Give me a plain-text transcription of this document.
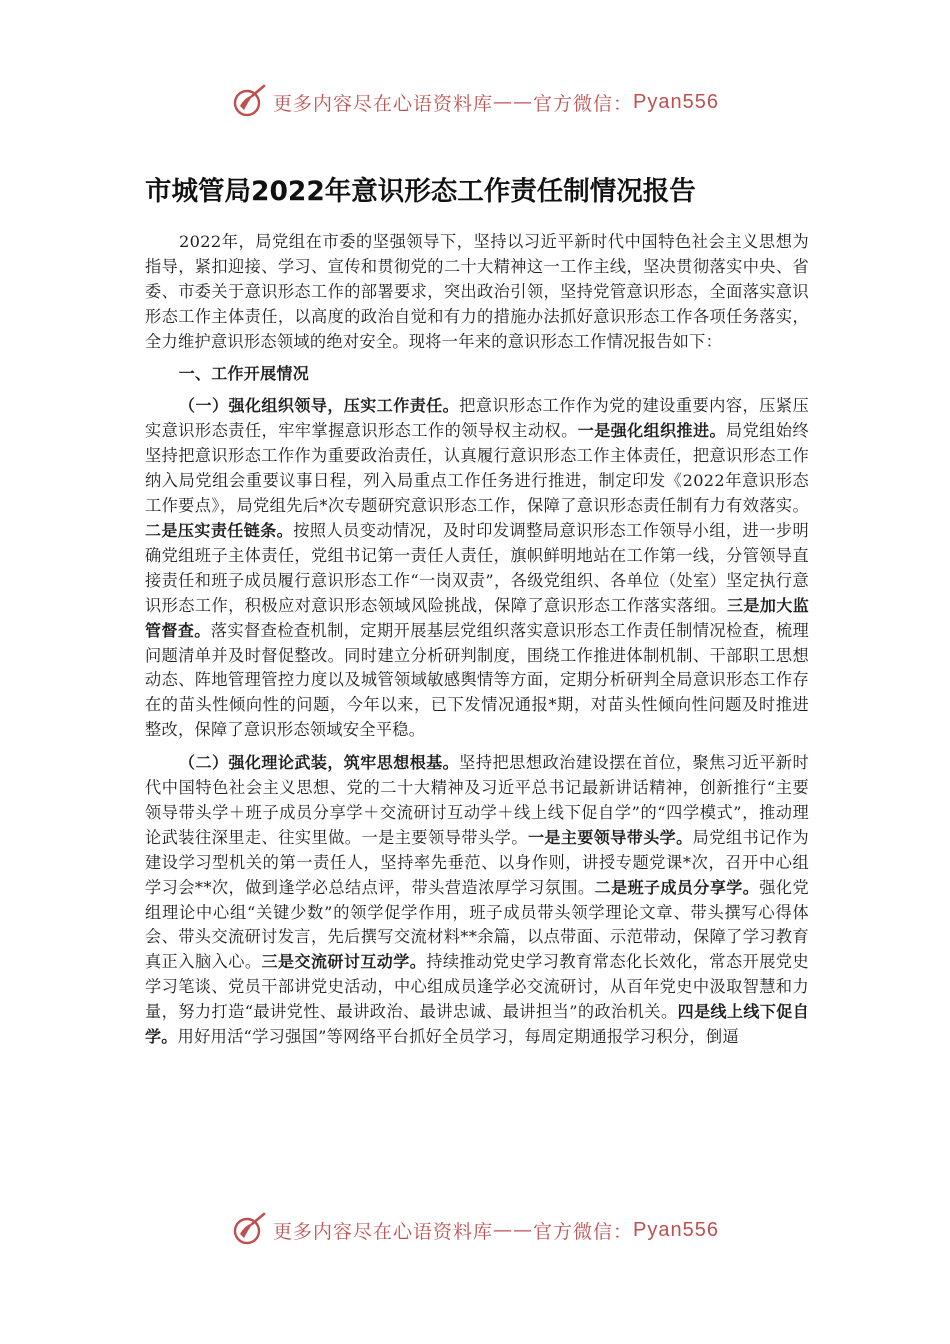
更多内容尽在心语资料库 —— 官方微信： Pyan556
市城管局2022年意识形态工作责任制情况报告

2022年，局党组在市委的坚强领导下，坚持以习近平新时代中国特色社会主义思想为指导，紧扣迎接、学习、宣传和贯彻党的二十大精神这一工作主线，坚决贯彻落实中央、省委、市委关于意识形态工作的部署要求，突出政治引领，坚持党管意识形态，全面落实意识形态工作主体责任，以高度的政治自觉和有力的措施办法抓好意识形态工作各项任务落实，全力维护意识形态领域的绝对安全。现将一年来的意识形态工作情况报告如下：

一、工作开展情况

（一）强化组织领导，压实工作责任。把意识形态工作作为党的建设重要内容，压紧压实意识形态责任，牢牢掌握意识形态工作的领导权主动权。一是强化组织推进。局党组始终坚持把意识形态工作作为重要政治责任，认真履行意识形态工作主体责任，把意识形态工作纳入局党组会重要议事日程，列入局重点工作任务进行推进，制定印发《2022年意识形态工作要点》，局党组先后*次专题研究意识形态工作，保障了意识形态责任制有力有效落实。二是压实责任链条。按照人员变动情况，及时印发调整局意识形态工作领导小组，进一步明确党组班子主体责任，党组书记第一责任人责任，旗帜鲜明地站在工作第一线，分管领导直接责任和班子成员履行意识形态工作“一岗双责”，各级党组织、各单位（处室）坚定执行意识形态工作，积极应对意识形态领域风险挑战，保障了意识形态工作落实落细。三是加大监管督查。落实督查检查机制，定期开展基层党组织落实意识形态工作责任制情况检查，梳理问题清单并及时督促整改。同时建立分析研判制度，围绕工作推进体制机制、干部职工思想动态、阵地管理管控力度以及城管领域敏感舆情等方面，定期分析研判全局意识形态工作存在的苗头性倾向性的问题，今年以来，已下发情况通报*期，对苗头性倾向性问题及时推进整改，保障了意识形态领域安全平稳。

（二）强化理论武装，筑牢思想根基。坚持把思想政治建设摆在首位，聚焦习近平新时代中国特色社会主义思想、党的二十大精神及习近平总书记最新讲话精神，创新推行“主要领导带头学＋班子成员分享学＋交流研讨互动学＋线上线下促自学”的“四学模式”，推动理论武装往深里走、往实里做。一是主要领导带头学。一是主要领导带头学。局党组书记作为建设学习型机关的第一责任人，坚持率先垂范、以身作则，讲授专题党课*次，召开中心组学习会**次，做到逢学必总结点评，带头营造浓厚学习氛围。二是班子成员分享学。强化党组理论中心组“关键少数”的领学促学作用，班子成员带头领学理论文章、带头撰写心得体会、带头交流研讨发言，先后撰写交流材料**余篇，以点带面、示范带动，保障了学习教育真正入脑入心。三是交流研讨互动学。持续推动党史学习教育常态化长效化，常态开展党史学习笔谈、党员干部讲党史活动，中心组成员逢学必交流研讨，从百年党史中汲取智慧和力量，努力打造“最讲党性、最讲政治、最讲忠诚、最讲担当”的政治机关。四是线上线下促自学。用好用活“学习强国”等网络平台抓好全员学习，每周定期通报学习积分，倒逼

更多内容尽在心语资料库 —— 官方微信： Pyan556
